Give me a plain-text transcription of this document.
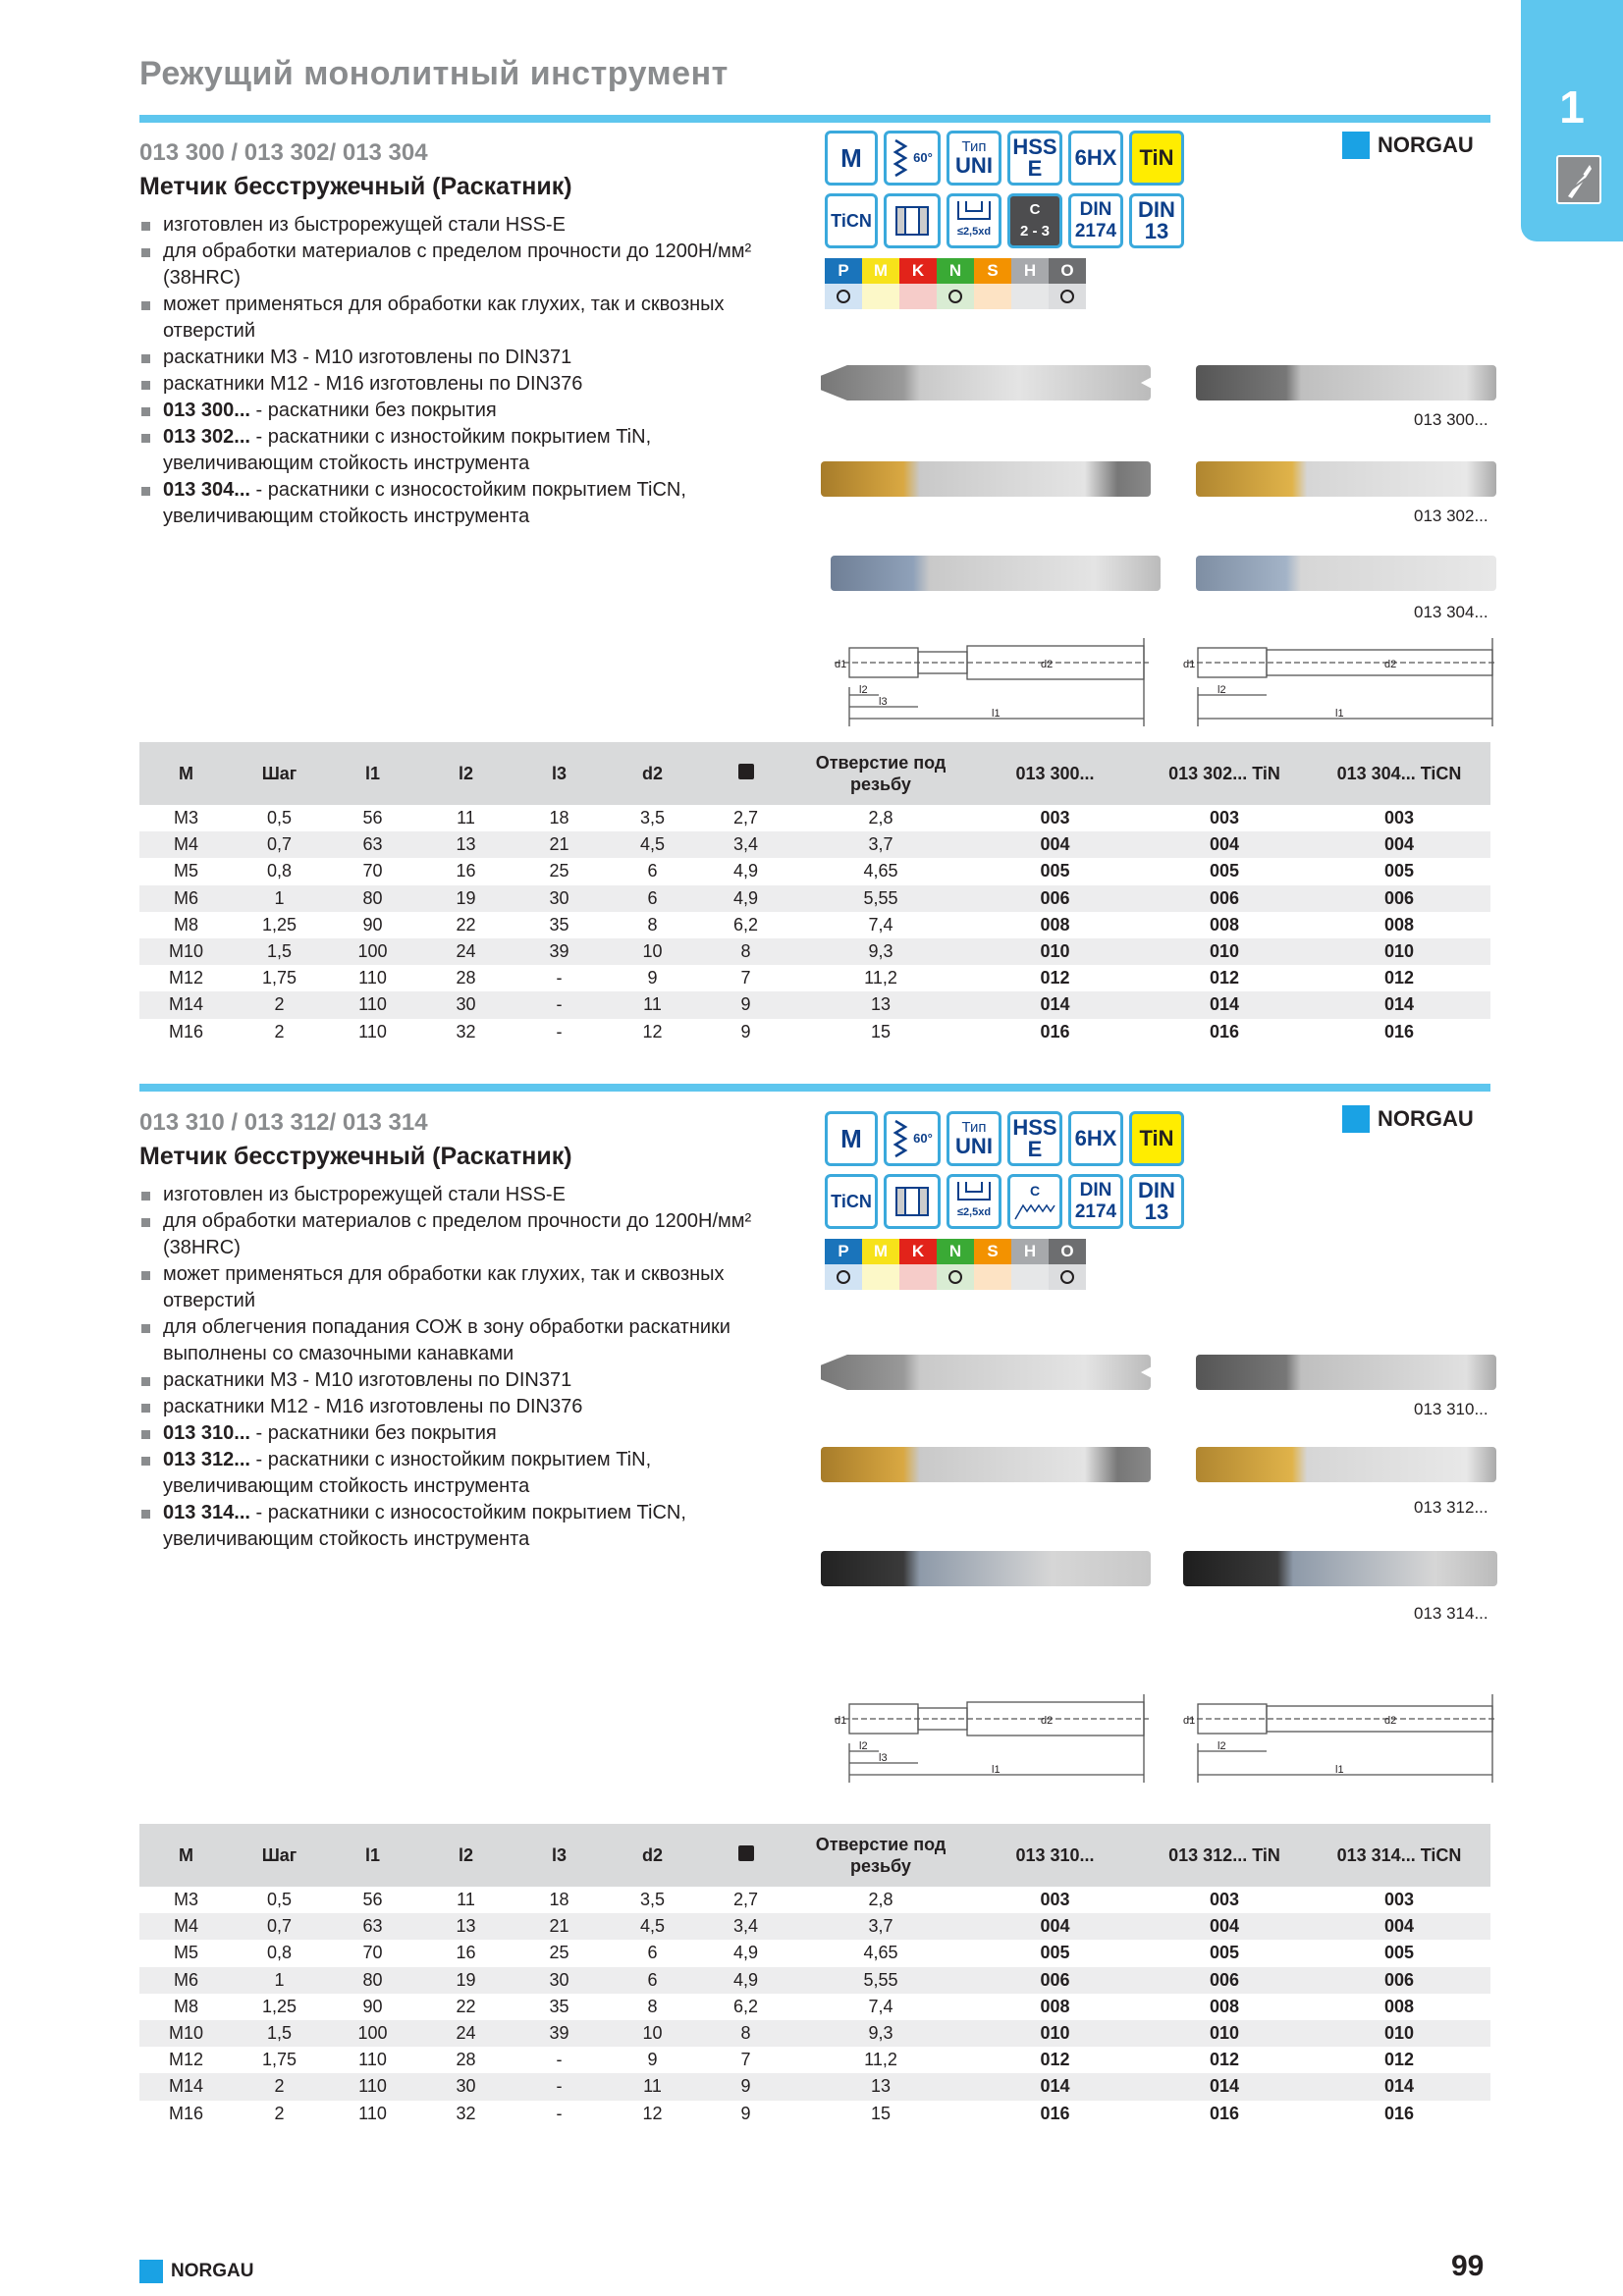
Режущий монолитный инструмент
1
013 300 / 013 302/ 013 304
Метчик бесстружечный (Раскатник)
изготовлен из быстрорежущей стали HSS-E
для обработки материалов с пределом прочности до 1200Н/мм² (38HRC)
может применяться для обработки как глухих, так и сквозных отверстий
раскатники M3 - M10 изготовлены по DIN371
раскатники M12 - M16 изготовлены по DIN376
013 300... - раскатники без покрытия
013 302... - раскатники с изностойким покрытием TiN, увеличивающим стойкость инструмента
013 304... - раскатники с износостойким покрытием TiCN, увеличивающим стойкость инструмента
M	60°
Тип
UNI
HSS
E 6HX TiN
TiCN
≤2,5xd
C
2 - 3
DIN
2174
DIN
13
P	M	K	N	S	H	O
NORGAU
013 300...
013 302...
013 304...
d1	d2
l2
l3
l1
d1	d2
l2
l1
M	Шаг	l1	l2	l3	d2		Отверстие под резьбу	013 300...	013 302... TiN	013 304... TiCN
M3	0,5	56	11	18	3,5	2,7	2,8	003	003	003
M4	0,7	63	13	21	4,5	3,4	3,7	004	004	004
M5	0,8	70	16	25	6	4,9	4,65	005	005	005
M6	1	80	19	30	6	4,9	5,55	006	006	006
M8	1,25	90	22	35	8	6,2	7,4	008	008	008
M10	1,5	100	24	39	10	8	9,3	010	010	010
M12	1,75	110	28	-	9	7	11,2	012	012	012
M14	2	110	30	-	11	9	13	014	014	014
M16	2	110	32	-	12	9	15	016	016	016
013 310 / 013 312/ 013 314
Метчик бесстружечный (Раскатник)
изготовлен из быстрорежущей стали HSS-E
для обработки материалов с пределом прочности до 1200Н/мм² (38HRC)
может применяться для обработки как глухих, так и сквозных отверстий
для облегчения попадания СОЖ в зону обработки раскатники выполнены со смазочными канавками
раскатники M3 - M10 изготовлены по DIN371
раскатники M12 - M16 изготовлены по DIN376
013 310... - раскатники без покрытия
013 312... - раскатники с изностойким покрытием TiN, увеличивающим стойкость инструмента
013 314... - раскатники с износостойким покрытием TiCN, увеличивающим стойкость инструмента
M	60°
Тип
UNI
HSS
E 6HX TiN
TiCN
≤2,5xd
C DIN
2174
DIN
13
P	M	K	N	S	H	O
NORGAU
013 310...
013 312...
013 314...
d1	d2
l2
l3
l1
d1	d2
l2
l1
M	Шаг	l1	l2	l3	d2		Отверстие под резьбу	013 310...	013 312... TiN	013 314... TiCN
M3	0,5	56	11	18	3,5	2,7	2,8	003	003	003
M4	0,7	63	13	21	4,5	3,4	3,7	004	004	004
M5	0,8	70	16	25	6	4,9	4,65	005	005	005
M6	1	80	19	30	6	4,9	5,55	006	006	006
M8	1,25	90	22	35	8	6,2	7,4	008	008	008
M10	1,5	100	24	39	10	8	9,3	010	010	010
M12	1,75	110	28	-	9	7	11,2	012	012	012
M14	2	110	30	-	11	9	13	014	014	014
M16	2	110	32	-	12	9	15	016	016	016
NORGAU	99
